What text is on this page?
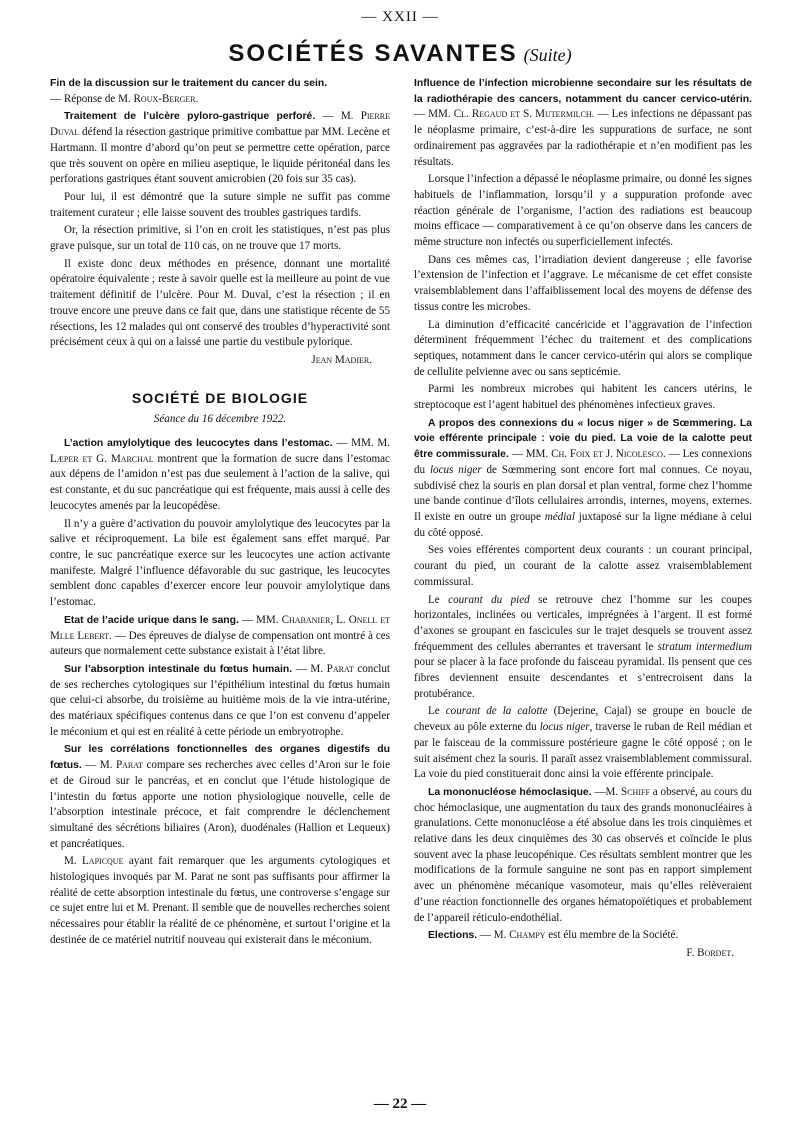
— XXII —
SOCIÉTÉS SAVANTES (Suite)

Fin de la discussion sur le traitement du cancer du sein.
— Réponse de M. Roux-Berger.

Traitement de l’ulcère pyloro-gastrique perforé. — M. Pierre Duval défend la résection gastrique primitive combattue par MM. Lecène et Hartmann. Il montre d’abord qu’on peut se permettre cette opération, parce que très souvent on opère en milieu aseptique, le liquide péritonéal dans les perforations gastriques étant souvent amicrobien (20 fois sur 35 cas).

Pour lui, il est démontré que la suture simple ne suffit pas comme traitement curateur ; elle laisse souvent des troubles gastriques tardifs.

Or, la résection primitive, si l’on en croit les statistiques, n’est pas plus grave puisque, sur un total de 110 cas, on ne trouve que 17 morts.

Il existe donc deux méthodes en présence, donnant une mortalité opératoire équivalente ; reste à savoir quelle est la meilleure au point de vue traitement définitif de l’ulcère. Pour M. Duval, c’est la résection ; il en trouve encore une preuve dans ce fait que, dans une statistique récente de 55 résections, les 12 malades qui ont conservé des troubles d’hyperactivité sont précisément ceux à qui on a laissé une partie du vestibule pylorique.

Jean Madier.

SOCIÉTÉ DE BIOLOGIE
Séance du 16 décembre 1922.

L’action amylolytique des leucocytes dans l’estomac. — MM. M. Læper et G. Marchal montrent que la formation de sucre dans l’estomac aux dépens de l’amidon n’est pas due seulement à l’action de la salive, qui est constante, et du suc pancréatique qui est fréquente, mais aussi à celle des leucocytes amenés par la leucopédèse.

Il n’y a guère d’activation du pouvoir amylolytique des leucocytes par la salive et réciproquement. La bile est également sans effet marqué. Par contre, le suc pancréatique exerce sur les leucocytes une action activante manifeste. Malgré l’influence défavorable du suc gastrique, les leucocytes semblent donc capables d’exercer encore leur pouvoir amylolytique dans l’estomac.

Etat de l’acide urique dans le sang. — MM. Chabanier, L. Onell et Mlle Lebert. — Des épreuves de dialyse de compensation ont montré à ces auteurs que normalement cette substance existait à l’état libre.

Sur l’absorption intestinale du fœtus humain. — M. Parat conclut de ses recherches cytologiques sur l’épithélium intestinal du fœtus humain que celui-ci absorbe, du troisième au huitième mois de la vie intra-utérine, des matériaux spécifiques contenus dans ce que l’on est convenu d’appeler le méconium et qui est en réalité à cette période un embryotrophe.

Sur les corrélations fonctionnelles des organes digestifs du fœtus. — M. Parat compare ses recherches avec celles d’Aron sur le foie et de Giroud sur le pancréas, et en conclut que l’étude histologique de l’intestin du fœtus apporte une notion physiologique nouvelle, celle de l’absorption intestinale précoce, et fait comprendre le déclenchement simultané des sécrétions biliaires (Aron), duodénales (Hallion et Lequeux) et pancréatiques.

M. Lapicque ayant fait remarquer que les arguments cytologiques et histologiques invoqués par M. Parat ne sont pas suffisants pour affirmer la réalité de cette absorption intestinale du fœtus, une controverse s’engage sur ce sujet entre lui et M. Prenant. Il semble que de nouvelles recherches soient nécessaires pour établir la réalité de ce phénomène, et surtout l’origine et la destinée de ce matériel nutritif nouveau qui existerait dans le méconium.

Influence de l’infection microbienne secondaire sur les résultats de la radiothérapie des cancers, notamment du cancer cervico-utérin. — MM. Cl. Regaud et S. Mutermilch. — Les infections ne dépassant pas le néoplasme primaire, c’est-à-dire les suppurations de surface, ne sont ordinairement pas aggravées par la radiothérapie et n’en modifient pas les résultats.

Lorsque l’infection a dépassé le néoplasme primaire, ou donné les signes habituels de l’inflammation, lorsqu’il y a suppuration profonde avec réaction générale de l’organisme, l’action des radiations est beaucoup moins efficace — comparativement à ce qu’on observe dans les cancers de même structure non infectés ou superficiellement infectés.

Dans ces mêmes cas, l’irradiation devient dangereuse ; elle favorise l’extension de l’infection et l’aggrave. Le mécanisme de cet effet consiste vraisemblablement dans l’affaiblissement local des moyens de défense des tissus contre les microbes.

La diminution d’efficacité cancéricide et l’aggravation de l’infection déterminent fréquemment l’échec du traitement et des complications septiques, notamment dans le cancer cervico-utérin qui alors se complique de cellulite pelvienne avec ou sans septicémie.

Parmi les nombreux microbes qui habitent les cancers utérins, le streptocoque est l’agent habituel des phénomènes infectieux graves.

A propos des connexions du « locus niger » de Sœmmering. La voie efférente principale : voie du pied. La voie de la calotte peut être commissurale. — MM. Ch. Foix et J. Nicolesco. — Les connexions du locus niger de Sœmmering sont encore fort mal connues. Ce noyau, subdivisé chez la souris en plan dorsal et plan ventral, forme chez l’homme une bande continue d’îlots cellulaires arrondis, internes, moyens, externes. Il existe en outre un groupe médial juxtaposé sur la ligne médiane à celui du côté opposé.

Ses voies efférentes comportent deux courants : un courant principal, courant du pied, un courant de la calotte assez vraisemblablement commissural.

Le courant du pied se retrouve chez l’homme sur les coupes horizontales, inclinées ou verticales, imprégnées à l’argent. Il est formé d’axones se groupant en fascicules sur le trajet desquels se trouvent assez fréquemment des cellules aberrantes et traversant le stratum intermedium pour se placer à la face profonde du faisceau pyramidal. Ils pensent que ces fibres deviennent ensuite descendantes et s’entrecroisent dans la protubérance.

Le courant de la calotte (Dejerine, Cajal) se groupe en boucle de cheveux au pôle externe du locus niger, traverse le ruban de Reil médian et par le faisceau de la commissure postérieure gagne le côté opposé ; on le suit aisément chez la souris. Il paraît assez vraisemblablement commissural. La voie du pied constituerait donc ainsi la voie efférente principale.

La mononucléose hémoclasique. —M. Schiff a observé, au cours du choc hémoclasique, une augmentation du taux des grands mononucléaires à granulations. Cette mononucléose a été absolue dans les trois cinquièmes et relative dans les deux cinquièmes des 30 cas observés et coïncide le plus souvent avec la phase leucopénique. Ces résultats semblent montrer que les modifications de la formule sanguine ne sont pas en rapport simplement avec un phénomène mécanique vasomoteur, mais qu’elles relèveraient d’une réaction fonctionnelle des organes hématopoïétiques et probablement de l’appareil réticulo-endothélial.

Elections. — M. Champy est élu membre de la Société.

F. Bordet.

— 22 —
